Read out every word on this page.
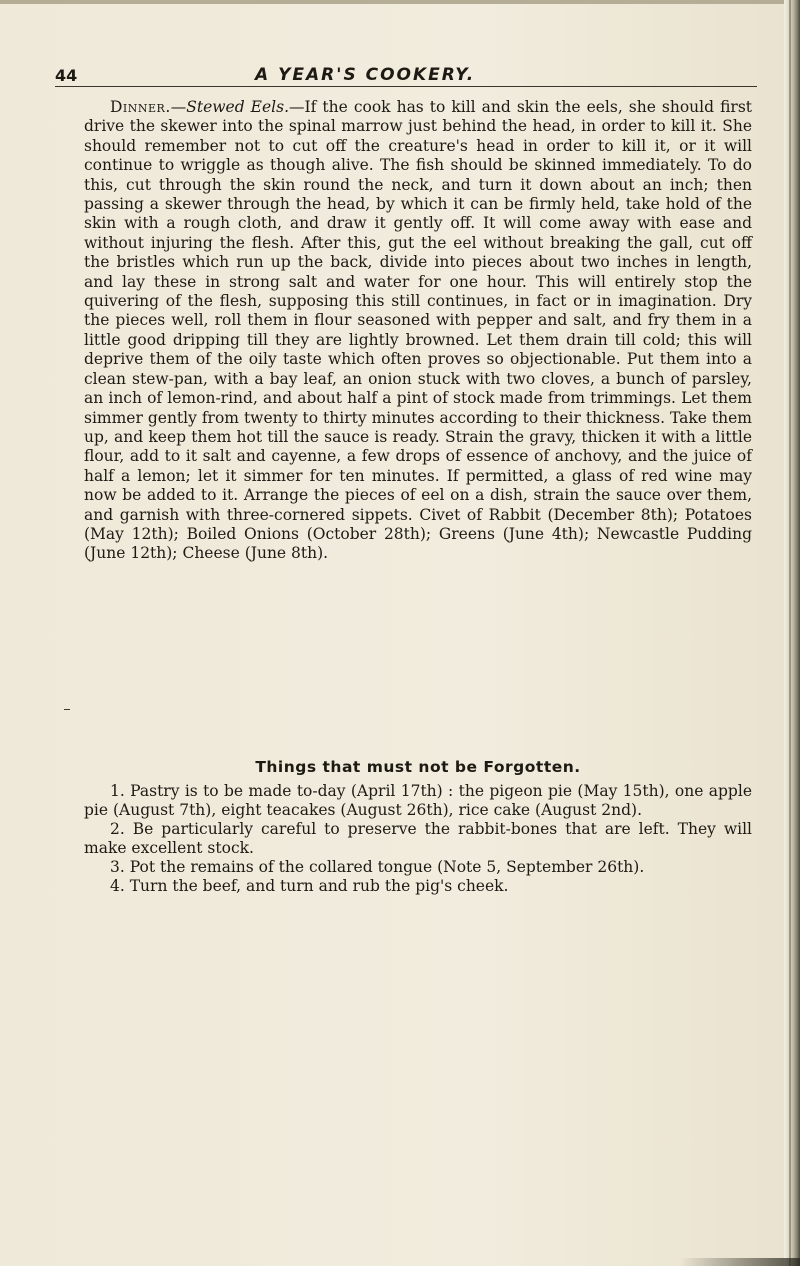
44	A YEAR'S COOKERY.

Dinner.—Stewed Eels.—If the cook has to kill and skin the eels, she should first drive the skewer into the spinal marrow just behind the head, in order to kill it. She should remember not to cut off the creature's head in order to kill it, or it will continue to wriggle as though alive. The fish should be skinned immediately. To do this, cut through the skin round the neck, and turn it down about an inch; then passing a skewer through the head, by which it can be firmly held, take hold of the skin with a rough cloth, and draw it gently off. It will come away with ease and without injuring the flesh. After this, gut the eel without breaking the gall, cut off the bristles which run up the back, divide into pieces about two inches in length, and lay these in strong salt and water for one hour. This will entirely stop the quivering of the flesh, supposing this still continues, in fact or in imagination. Dry the pieces well, roll them in flour seasoned with pepper and salt, and fry them in a little good dripping till they are lightly browned. Let them drain till cold; this will deprive them of the oily taste which often proves so objectionable. Put them into a clean stew-pan, with a bay leaf, an onion stuck with two cloves, a bunch of parsley, an inch of lemon-rind, and about half a pint of stock made from trimmings. Let them simmer gently from twenty to thirty minutes according to their thickness. Take them up, and keep them hot till the sauce is ready. Strain the gravy, thicken it with a little flour, add to it salt and cayenne, a few drops of essence of anchovy, and the juice of half a lemon; let it simmer for ten minutes. If permitted, a glass of red wine may now be added to it. Arrange the pieces of eel on a dish, strain the sauce over them, and garnish with three-cornered sippets. Civet of Rabbit (December 8th); Potatoes (May 12th); Boiled Onions (October 28th); Greens (June 4th); Newcastle Pudding (June 12th); Cheese (June 8th).

Things that must not be Forgotten.
1. Pastry is to be made to-day (April 17th) : the pigeon pie (May 15th), one apple pie (August 7th), eight teacakes (August 26th), rice cake (August 2nd).
2. Be particularly careful to preserve the rabbit-bones that are left. They will make excellent stock.
3. Pot the remains of the collared tongue (Note 5, September 26th).
4. Turn the beef, and turn and rub the pig's cheek.
